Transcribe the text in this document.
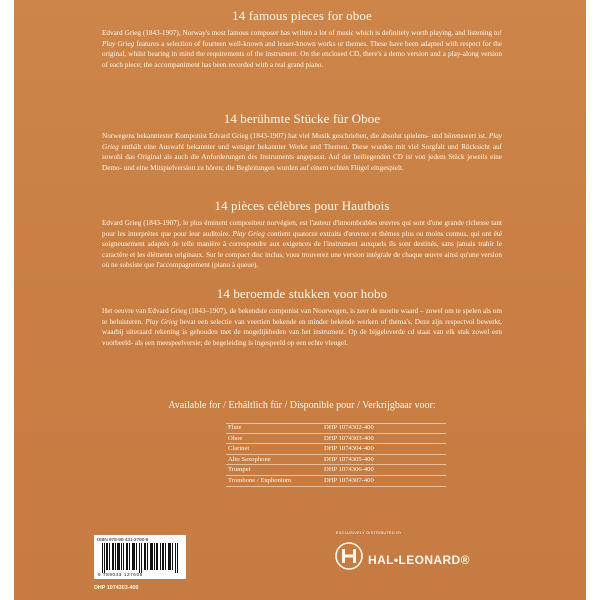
14 famous pieces for oboe

Edvard Grieg (1843-1907), Norway's most famous composer has written a lot of music which is definitely worth playing, and listening to! Play Grieg features a selection of fourteen well-known and lesser-known works or themes. These have been adapted with respect for the original, whilst bearing in mind the requirements of the instrument. On the enclosed CD, there's a demo version and a play-along version of each piece; the accompaniment has been recorded with a real grand piano.

14 berühmte Stücke für Oboe

Norwegens bekanntester Komponist Edvard Grieg (1843-1907) hat viel Musik geschrieben, die absolut spielens- und hörenswert ist. Play Grieg enthält eine Auswahl bekannter und weniger bekannter Werke und Themen. Diese wurden mit viel Sorgfalt und Rücksicht auf sowohl das Original als auch die Anforderungen des Instruments angepasst. Auf der beiliegenden CD ist von jedem Stück jeweils eine Demo- und eine Mitspielversion zu hören; die Begleitungen wurden auf einem echten Flügel eingespielt.

14 pièces célèbres pour Hautbois

Edvard Grieg (1843-1907), le plus éminent compositeur norvégien, est l'auteur d'innombrables œuvres qui sont d'une grande richesse tant pour les interprètes que pour leur auditoire. Play Grieg contient quatorze extraits d'œuvres et thèmes plus ou moins connus, qui ont été soigneusement adaptés de telle manière à correspondre aux exigences de l'instrument auxquels ils sont destinés, sans jamais trahir le caractère et les éléments originaux. Sur le compact disc inclus, vous trouverez une version intégrale de chaque œuvre ainsi qu'une version où ne subsiste que l'accompagnement (piano à queue).

14 beroemde stukken voor hobo

Het oeuvre van Edvard Grieg (1843–1907), de bekendste componist van Noorwegen, is zeer de moeite waard – zowel om te spelen als om te beluisteren. Play Grieg bevat een selectie van veertien bekende en minder bekende werken of thema's. Deze zijn respectvol bewerkt, waarbij uiteraard rekening is gehouden met de mogelijkheden van het instrument. Op de bijgeleverde cd staat van elk stuk zowel een voorbeeld- als een meespeelversie; de begeleiding is ingespeeld op een echte vleugel.

Available for / Erhältlich für / Disponible pour / Verkrijgbaar voor:
Flute	DHP 1074302-400
Oboe	DHP 1074303-400
Clarinet	DHP 1074304-400
Alto Saxophone	DHP 1074305-400
Trumpet	DHP 1074306-400
Trombone / Euphonium	DHP 1074307-400
ISBN 978-90-431-2760-8
9 789043 127608
DHP 1074303-400
EXCLUSIVELY DISTRIBUTED BY
HAL•LEONARD®
